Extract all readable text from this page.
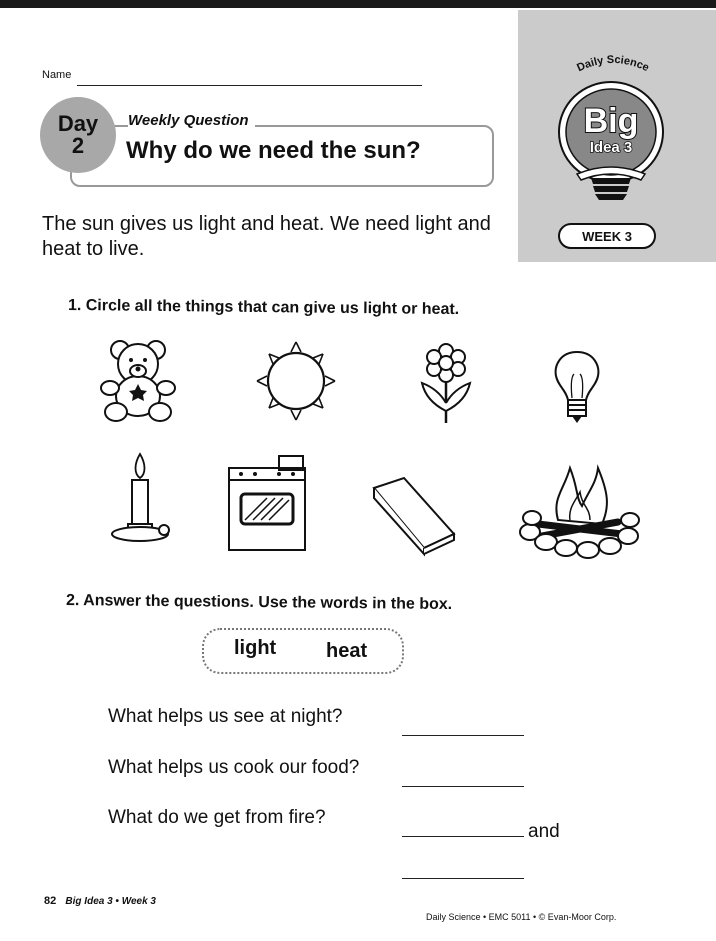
Name
Daily Science
Big
Idea 3
WEEK 3
Day
2
Weekly Question
Why do we need the sun?
The sun gives us light and heat. We need light and heat to live.
1. Circle all the things that can give us light or heat.
2. Answer the questions. Use the words in the box.
light heat
What helps us see at night?
What helps us cook our food?
What do we get from fire?
and
82 Big Idea 3 • Week 3
Daily Science • EMC 5011 • © Evan-Moor Corp.
